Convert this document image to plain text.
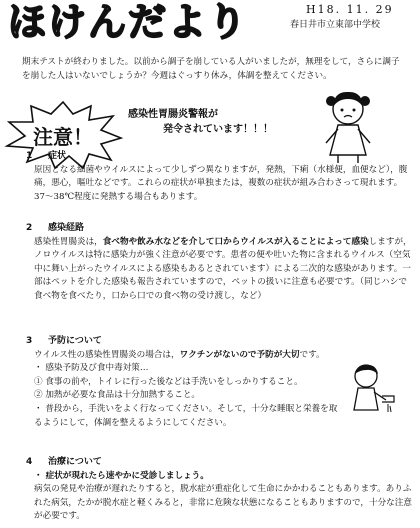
ほけんだより	H18. 11. 29
春日井市立東部中学校
期末テストが終わりました。以前から調子を崩している人がいましたが，無理をして，さらに調子を崩した人はいないでしょうか？今週はぐっすり休み，体調を整えてください。
注意！
感染性胃腸炎警報が
発令されています！！！
1 症状

原因となる細菌やウイルスによって少しずつ異なりますが，発熱，下痢（水様便，血便など），腹痛，悪心，嘔吐などです。これらの症状が単独または，複数の症状が組み合わさって現れます。37～38℃程度に発熱する場合もあります。

2 感染経路

感染性胃腸炎は，食べ物や飲み水などを介して口からウイルスが入ることによって感染しますが，ノロウイルスは特に感染力が強く注意が必要です。患者の便や吐いた物に含まれるウイルス（空気中に舞い上がったウイルスによる感染もあるとされています）による二次的な感染があります。一部はペットを介した感染も報告されていますので，ペットの扱いに注意も必要です。（同じハシで食べ物を食べたり，口から口での食べ物の受け渡し，など）

3 予防について

ウイルス性の感染性胃腸炎の場合は，ワクチンがないので予防が大切です。

・ 感染予防及び食中毒対策…

① 食事の前や，トイレに行った後などは手洗いをしっかりすること。

② 加熱が必要な食品は十分加熱すること。

・ 普段から，手洗いをよく行なってください。そして，十分な睡眠と栄養を取るようにして，体調を整えるようにしてください。

4 治療について

・ 症状が現れたら速やかに受診しましょう。

病気の発見や治療が遅れたりすると，脱水症が重症化して生命にかかわることもあります。ありふれた病気，たかが脱水症と軽くみると，非常に危険な状態になることもありますので，十分な注意が必要です。
